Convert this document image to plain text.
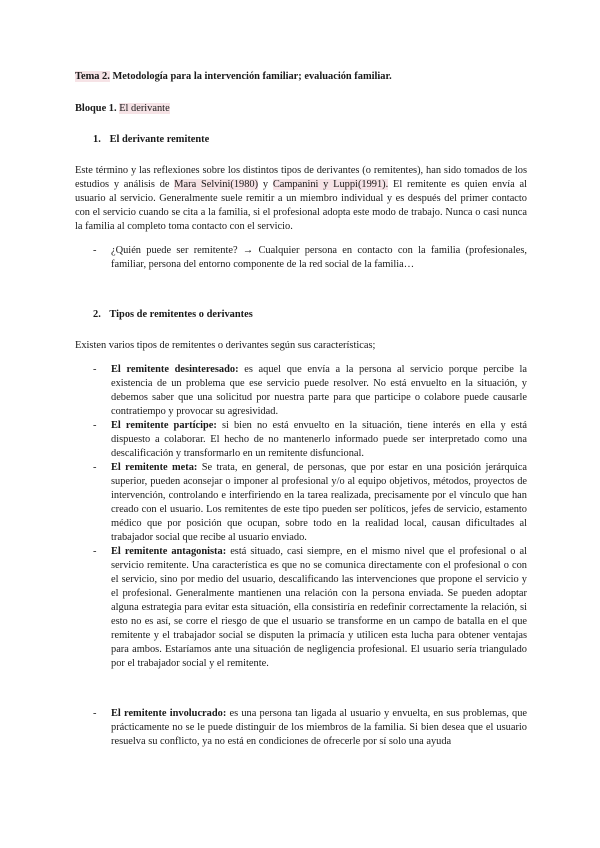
Tema 2. Metodología para la intervención familiar; evaluación familiar.
Bloque 1. El derivante
1. El derivante remitente

Este término y las reflexiones sobre los distintos tipos de derivantes (o remitentes), han sido tomados de los estudios y análisis de Mara Selvini(1980) y Campanini y Luppi(1991). El remitente es quien envía al usuario al servicio. Generalmente suele remitir a un miembro individual y es después del primer contacto con el servicio cuando se cita a la familia, si el profesional adopta este modo de trabajo. Nunca o casi nunca la familia al completo toma contacto con el servicio.

- ¿Quién puede ser remitente? → Cualquier persona en contacto con la familia (profesionales, familiar, persona del entorno componente de la red social de la familia…
2. Tipos de remitentes o derivantes

Existen varios tipos de remitentes o derivantes según sus características;

- El remitente desinteresado: es aquel que envía a la persona al servicio porque percibe la existencia de un problema que ese servicio puede resolver. No está envuelto en la situación, y debemos saber que una solicitud por nuestra parte para que participe o colabore puede causarle contratiempo y provocar su agresividad.
- El remitente partícipe: si bien no está envuelto en la situación, tiene interés en ella y está dispuesto a colaborar. El hecho de no mantenerlo informado puede ser interpretado como una descalificación y transformarlo en un remitente disfuncional.
- El remitente meta: Se trata, en general, de personas, que por estar en una posición jerárquica superior, pueden aconsejar o imponer al profesional y/o al equipo objetivos, métodos, proyectos de intervención, controlando e interfiriendo en la tarea realizada, precisamente por el vínculo que han creado con el usuario. Los remitentes de este tipo pueden ser políticos, jefes de servicio, estamento médico que por posición que ocupan, sobre todo en la realidad local, causan dificultades al trabajador social que recibe al usuario enviado.
- El remitente antagonista: está situado, casi siempre, en el mismo nivel que el profesional o al servicio remitente. Una característica es que no se comunica directamente con el profesional o con el servicio, sino por medio del usuario, descalificando las intervenciones que propone el servicio y el profesional. Generalmente mantienen una relación con la persona enviada. Se pueden adoptar alguna estrategia para evitar esta situación, ella consistiría en redefinir correctamente la relación, si esto no es así, se corre el riesgo de que el usuario se transforme en un campo de batalla en el que remitente y el trabajador social se disputen la primacía y utilicen esta lucha para obtener ventajas para ambos. Estaríamos ante una situación de negligencia profesional. El usuario sería triangulado por el trabajador social y el remitente.
- El remitente involucrado: es una persona tan ligada al usuario y envuelta, en sus problemas, que prácticamente no se le puede distinguir de los miembros de la familia. Si bien desea que el usuario resuelva su conflicto, ya no está en condiciones de ofrecerle por sí solo una ayuda
